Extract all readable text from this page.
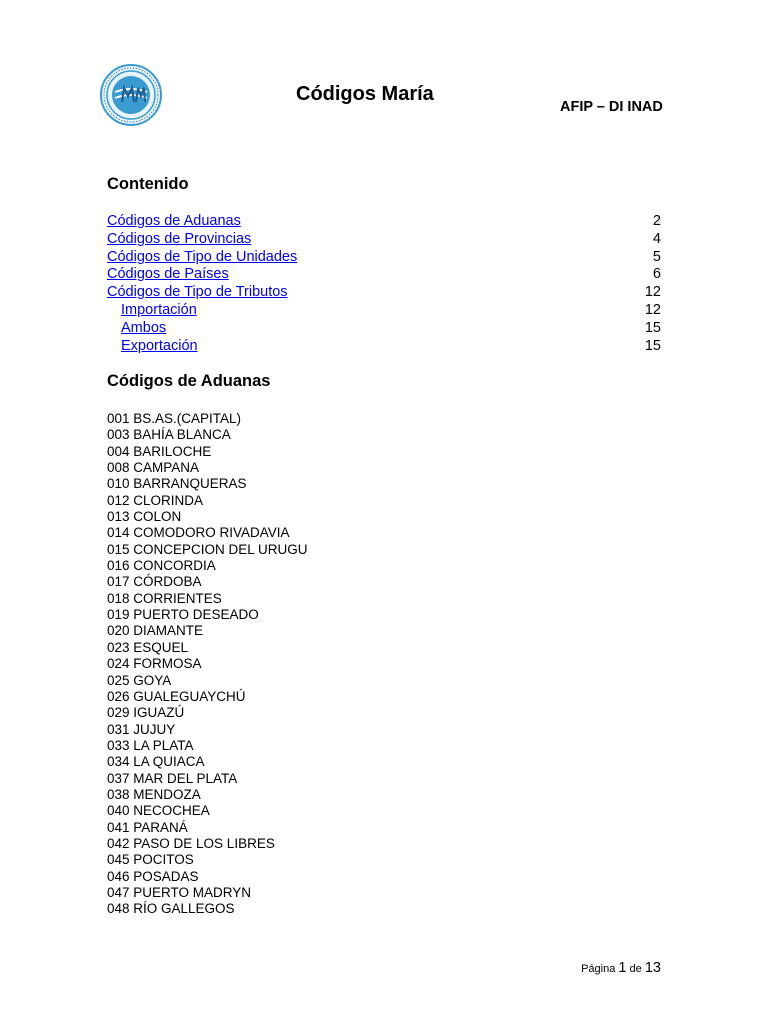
Códigos María
AFIP – DI INAD
Contenido
Códigos de Aduanas	2
Códigos de Provincias	4
Códigos de Tipo de Unidades	5
Códigos de Países	6
Códigos de Tipo de Tributos	12
Importación	12
Ambos	15
Exportación	15
Códigos de Aduanas
001 BS.AS.(CAPITAL)
003 BAHÍA BLANCA
004 BARILOCHE
008 CAMPANA
010 BARRANQUERAS
012 CLORINDA
013 COLON
014 COMODORO RIVADAVIA
015 CONCEPCION DEL URUGU
016 CONCORDIA
017 CÓRDOBA
018 CORRIENTES
019 PUERTO DESEADO
020 DIAMANTE
023 ESQUEL
024 FORMOSA
025 GOYA
026 GUALEGUAYCHÚ
029 IGUAZÚ
031 JUJUY
033 LA PLATA
034 LA QUIACA
037 MAR DEL PLATA
038 MENDOZA
040 NECOCHEA
041 PARANÁ
042 PASO DE LOS LIBRES
045 POCITOS
046 POSADAS
047 PUERTO MADRYN
048 RÍO GALLEGOS
Página 1 de 13
